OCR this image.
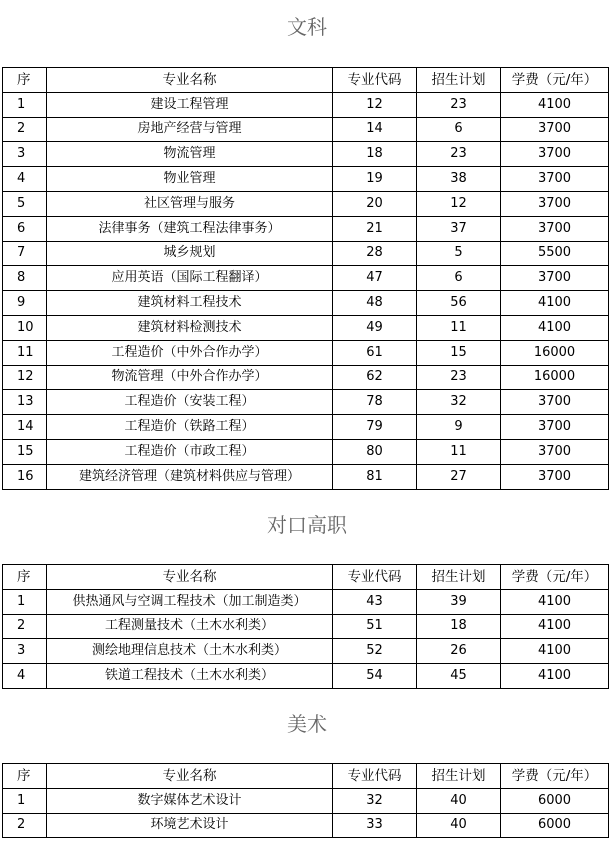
文科
序	专业名称	专业代码	招生计划	学费（元/年）
1	建设工程管理	12	23	4100
2	房地产经营与管理	14	6	3700
3	物流管理	18	23	3700
4	物业管理	19	38	3700
5	社区管理与服务	20	12	3700
6	法律事务（建筑工程法律事务）	21	37	3700
7	城乡规划	28	5	5500
8	应用英语（国际工程翻译）	47	6	3700
9	建筑材料工程技术	48	56	4100
10	建筑材料检测技术	49	11	4100
11	工程造价（中外合作办学）	61	15	16000
12	物流管理（中外合作办学）	62	23	16000
13	工程造价（安装工程）	78	32	3700
14	工程造价（铁路工程）	79	9	3700
15	工程造价（市政工程）	80	11	3700
16	建筑经济管理（建筑材料供应与管理）	81	27	3700
对口高职
序	专业名称	专业代码	招生计划	学费（元/年）
1	供热通风与空调工程技术（加工制造类）	43	39	4100
2	工程测量技术（土木水利类）	51	18	4100
3	测绘地理信息技术（土木水利类）	52	26	4100
4	铁道工程技术（土木水利类）	54	45	4100
美术
序	专业名称	专业代码	招生计划	学费（元/年）
1	数字媒体艺术设计	32	40	6000
2	环境艺术设计	33	40	6000
